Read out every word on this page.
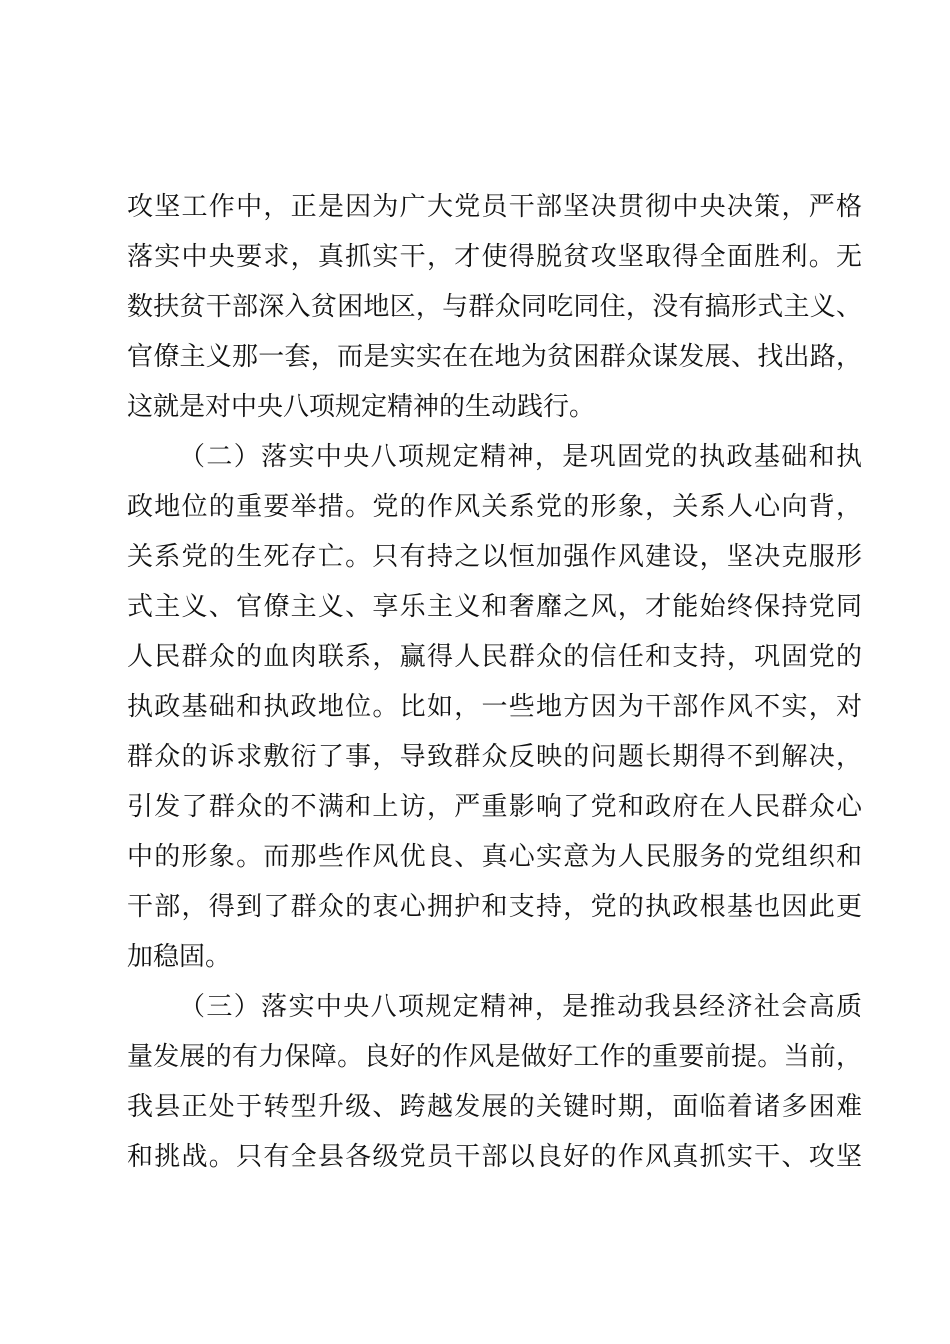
攻坚工作中，正是因为广大党员干部坚决贯彻中央决策，严格
落实中央要求，真抓实干，才使得脱贫攻坚取得全面胜利。无
数扶贫干部深入贫困地区，与群众同吃同住，没有搞形式主义、
官僚主义那一套，而是实实在在地为贫困群众谋发展、找出路，
这就是对中央八项规定精神的生动践行。
（二）落实中央八项规定精神，是巩固党的执政基础和执
政地位的重要举措。党的作风关系党的形象，关系人心向背，
关系党的生死存亡。只有持之以恒加强作风建设，坚决克服形
式主义、官僚主义、享乐主义和奢靡之风，才能始终保持党同
人民群众的血肉联系，赢得人民群众的信任和支持，巩固党的
执政基础和执政地位。比如，一些地方因为干部作风不实，对
群众的诉求敷衍了事，导致群众反映的问题长期得不到解决，
引发了群众的不满和上访，严重影响了党和政府在人民群众心
中的形象。而那些作风优良、真心实意为人民服务的党组织和
干部，得到了群众的衷心拥护和支持，党的执政根基也因此更
加稳固。
（三）落实中央八项规定精神，是推动我县经济社会高质
量发展的有力保障。良好的作风是做好工作的重要前提。当前，
我县正处于转型升级、跨越发展的关键时期，面临着诸多困难
和挑战。只有全县各级党员干部以良好的作风真抓实干、攻坚
